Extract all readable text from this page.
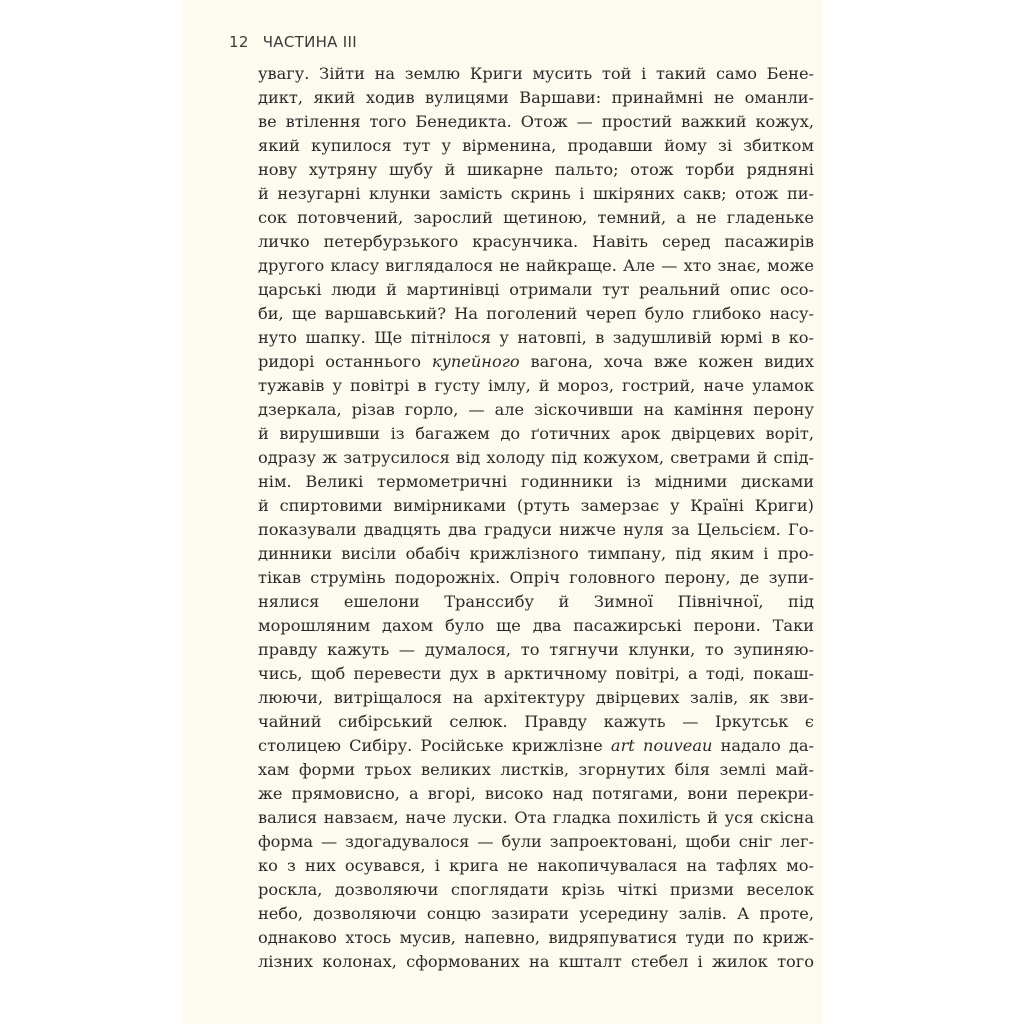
12 ЧАСТИНА III
увагу. Зійти на землю Криги мусить той і такий само Бене-
дикт, який ходив вулицями Варшави: принаймні не оманли-
ве втілення того Бенедикта. Отож — простий важкий кожух,
який купилося тут у вірменина, продавши йому зі збитком
нову хутряну шубу й шикарне пальто; отож торби рядняні
й незугарні клунки замість скринь і шкіряних сакв; отож пи-
сок потовчений, зарослий щетиною, темний, а не гладеньке
личко петербурзького красунчика. Навіть серед пасажирів
другого класу виглядалося не найкраще. Але — хто знає, може
царські люди й мартинівці отримали тут реальний опис осо-
би, ще варшавський? На поголений череп було глибоко насу-
нуто шапку. Ще пітнілося у натовпі, в задушливій юрмі в ко-
ридорі останнього купейного вагона, хоча вже кожен видих
тужавів у повітрі в густу імлу, й мороз, гострий, наче уламок
дзеркала, різав горло, — але зіскочивши на каміння перону
й вирушивши із багажем до ґотичних арок двірцевих воріт,
одразу ж затрусилося від холоду під кожухом, светрами й спід-
нім. Великі термометричні годинники із мідними дисками
й спиртовими вимірниками (ртуть замерзає у Країні Криги)
показували двадцять два градуси нижче нуля за Цельсієм. Го-
динники висіли обабіч крижлізного тимпану, під яким і про-
тікав струмінь подорожніх. Опріч головного перону, де зупи-
нялися ешелони Транссибу й Зимної Північної, під
морошляним дахом було ще два пасажирські перони. Таки
правду кажуть — думалося, то тягнучи клунки, то зупиняю-
чись, щоб перевести дух в арктичному повітрі, а тоді, покаш-
люючи, витріщалося на архітектуру двірцевих залів, як зви-
чайний сибірський селюк. Правду кажуть — Іркутськ є
столицею Сибіру. Російське крижлізне art nouveau надало да-
хам форми трьох великих листків, згорнутих біля землі май-
же прямовисно, а вгорі, високо над потягами, вони перекри-
валися навзаєм, наче луски. Ота гладка похилість й уся скісна
форма — здогадувалося — були запроектовані, щоби сніг лег-
ко з них осувався, і крига не накопичувалася на тафлях мо-
роскла, дозволяючи споглядати крізь чіткі призми веселок
небо, дозволяючи сонцю зазирати усередину залів. А проте,
однаково хтось мусив, напевно, видряпуватися туди по криж-
лізних колонах, сформованих на кшталт стебел і жилок того
